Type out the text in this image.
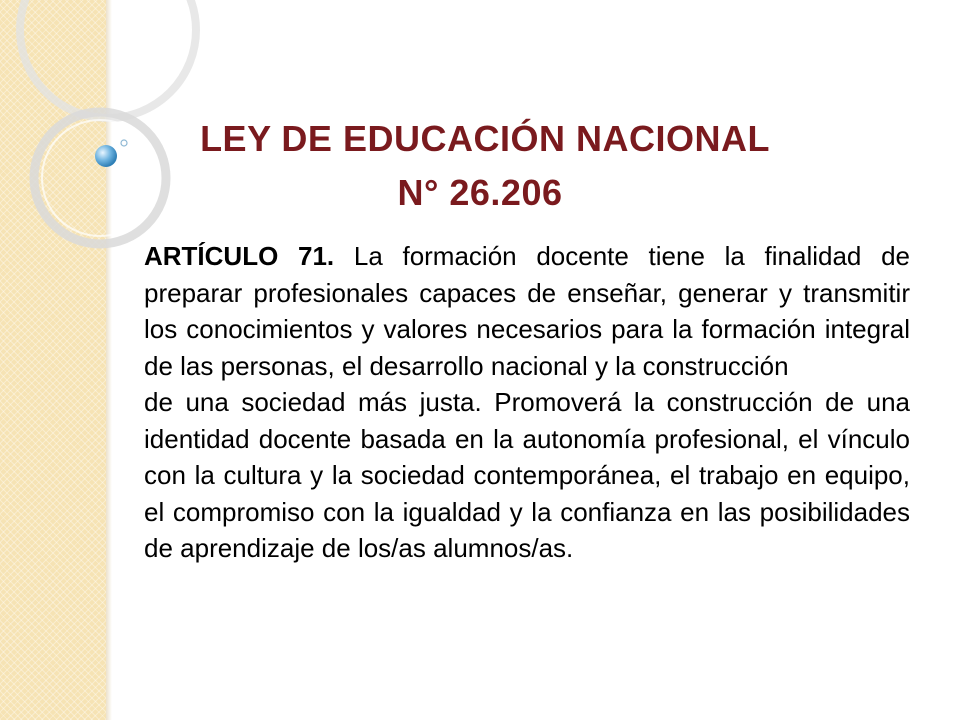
LEY DE EDUCACIÓN NACIONAL
N° 26.206

ARTÍCULO 71. La formación docente tiene la finalidad de preparar profesionales capaces de enseñar, generar y transmitir los conocimientos y valores necesarios para la formación integral de las personas, el desarrollo nacional y la construcción

de una sociedad más justa. Promoverá la construcción de una identidad docente basada en la autonomía profesional, el vínculo con la cultura y la sociedad contemporánea, el trabajo en equipo, el compromiso con la igualdad y la confianza en las posibilidades de aprendizaje de los/as alumnos/as.
